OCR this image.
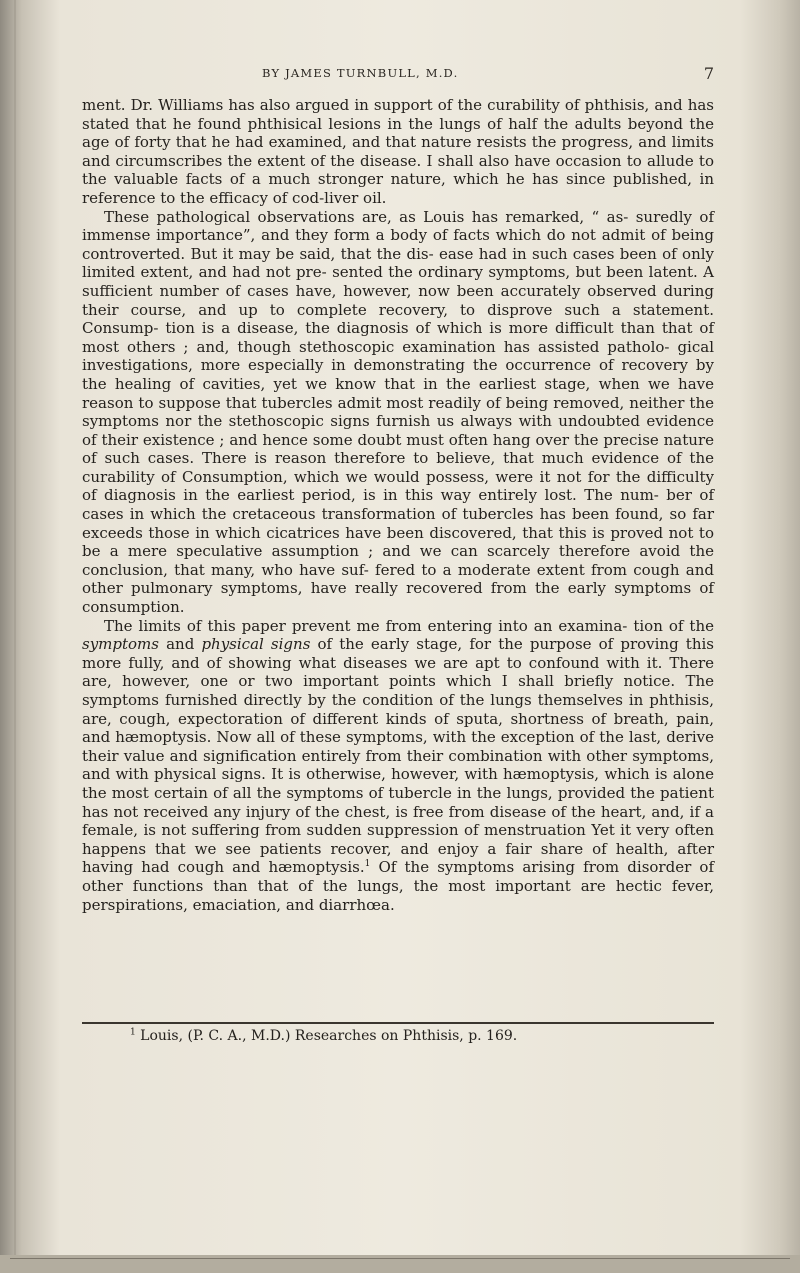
BY JAMES TURNBULL, M.D.	7

ment. Dr. Williams has also argued in support of the curability of phthisis, and has stated that he found phthisical lesions in the lungs of half the adults beyond the age of forty that he had examined, and that nature resists the progress, and limits and circumscribes the extent of the disease. I shall also have occasion to allude to the valuable facts of a much stronger nature, which he has since published, in reference to the efficacy of cod-liver oil.

These pathological observations are, as Louis has remarked, “ as- suredly of immense importance”, and they form a body of facts which do not admit of being controverted. But it may be said, that the dis- ease had in such cases been of only limited extent, and had not pre- sented the ordinary symptoms, but been latent. A sufficient number of cases have, however, now been accurately observed during their course, and up to complete recovery, to disprove such a statement. Consump- tion is a disease, the diagnosis of which is more difficult than that of most others ; and, though stethoscopic examination has assisted patholo- gical investigations, more especially in demonstrating the occurrence of recovery by the healing of cavities, yet we know that in the earliest stage, when we have reason to suppose that tubercles admit most readily of being removed, neither the symptoms nor the stethoscopic signs furnish us always with undoubted evidence of their existence ; and hence some doubt must often hang over the precise nature of such cases. There is reason therefore to believe, that much evidence of the curability of Consumption, which we would possess, were it not for the difficulty of diagnosis in the earliest period, is in this way entirely lost. The num- ber of cases in which the cretaceous transformation of tubercles has been found, so far exceeds those in which cicatrices have been discovered, that this is proved not to be a mere speculative assumption ; and we can scarcely therefore avoid the conclusion, that many, who have suf- fered to a moderate extent from cough and other pulmonary symptoms, have really recovered from the early symptoms of consumption.

The limits of this paper prevent me from entering into an examina- tion of the symptoms and physical signs of the early stage, for the purpose of proving this more fully, and of showing what diseases we are apt to confound with it. There are, however, one or two important points which I shall briefly notice. The symptoms furnished directly by the condition of the lungs themselves in phthisis, are, cough, expectoration of different kinds of sputa, shortness of breath, pain, and hæmoptysis. Now all of these symptoms, with the exception of the last, derive their value and signification entirely from their combination with other symptoms, and with physical signs. It is otherwise, however, with hæmoptysis, which is alone the most certain of all the symptoms of tubercle in the lungs, provided the patient has not received any injury of the chest, is free from disease of the heart, and, if a female, is not suffering from sudden suppression of menstruation Yet it very often happens that we see patients recover, and enjoy a fair share of health, after having had cough and hæmoptysis.$^1$ Of the symptoms arising from disorder of other functions than that of the lungs, the most important are hectic fever, perspirations, emaciation, and diarrhœa.

$^1$ Louis, (P. C. A., M.D.) Researches on Phthisis, p. 169.
